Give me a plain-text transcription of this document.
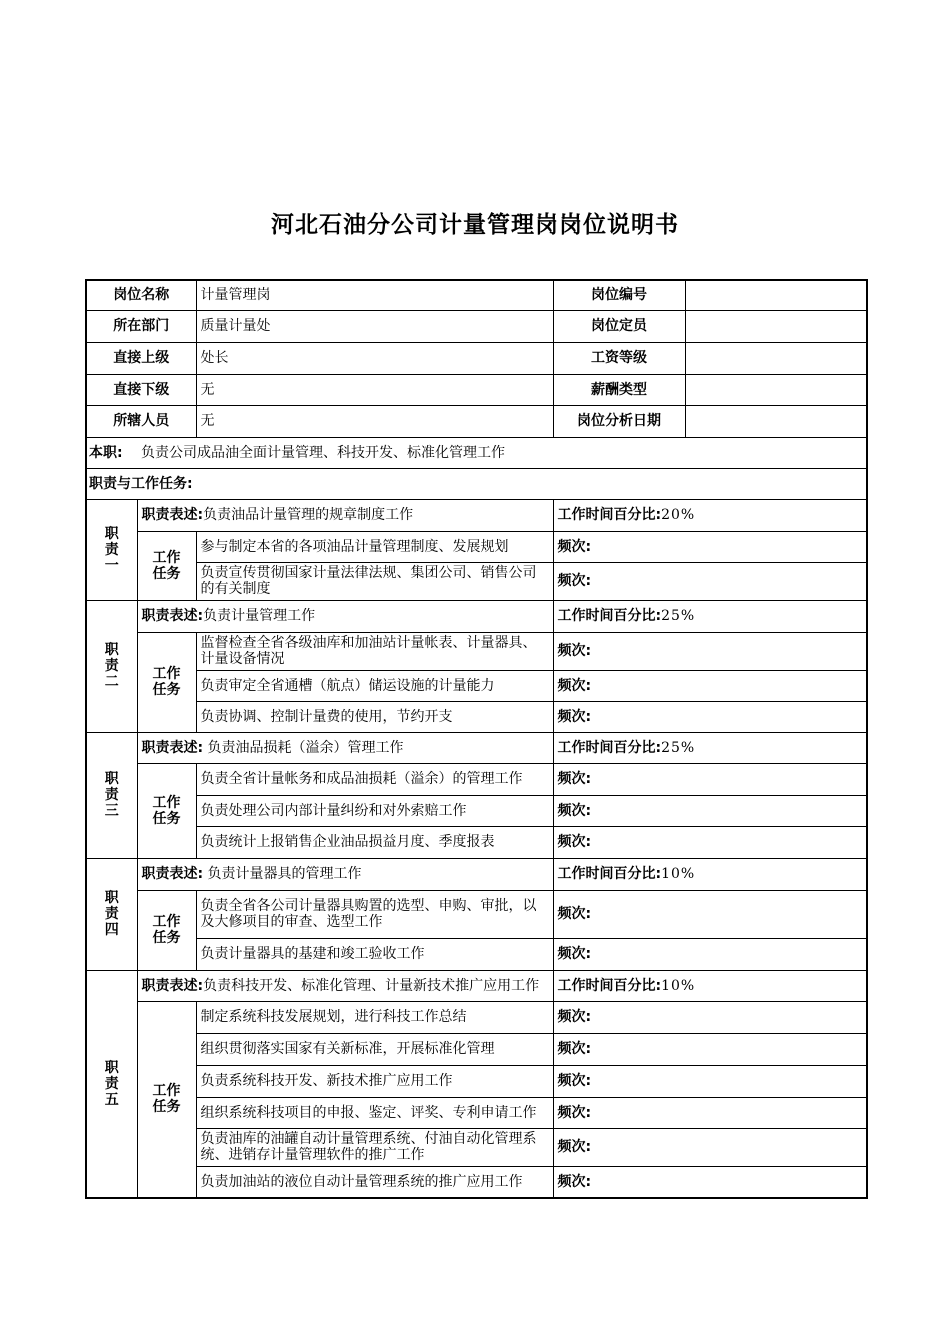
河北石油分公司计量管理岗岗位说明书
岗位名称		计量管理岗	岗位编号	
所在部门		质量计量处	岗位定员	
直接上级		处长	工资等级	
直接下级		无	薪酬类型	
所辖人员		无	岗位分析日期	
本职: 负责公司成品油全面计量管理、科技开发、标准化管理工作				
职责与工作任务:				

职
责
一	职责表述:负责油品计量管理的规章制度工作		工作时间百分比:20%	

	工作
任务	参与制定本省的各项油品计量管理制度、发展规划	频次:	
		负责宣传贯彻国家计量法律法规、集团公司、销售公司的有关制度	频次:	

职
责
二	职责表述:负责计量管理工作		工作时间百分比:25%	

	工作
任务	监督检查全省各级油库和加油站计量帐表、计量器具、计量设备情况	频次:	
		负责审定全省通槽（航点）储运设施的计量能力	频次:	
		负责协调、控制计量费的使用，节约开支	频次:	

职
责
三	职责表述: 负责油品损耗（溢余）管理工作		工作时间百分比:25%	

	工作
任务	负责全省计量帐务和成品油损耗（溢余）的管理工作	频次:	
		负责处理公司内部计量纠纷和对外索赔工作	频次:	
		负责统计上报销售企业油品损益月度、季度报表	频次:	

职
责
四	职责表述: 负责计量器具的管理工作		工作时间百分比:10%	

	工作
任务	负责全省各公司计量器具购置的选型、申购、审批，以及大修项目的审查、选型工作	频次:	
		负责计量器具的基建和竣工验收工作	频次:	

职
责
五	职责表述:负责科技开发、标准化管理、计量新技术推广应用工作		工作时间百分比:10%	

	工作
任务	制定系统科技发展规划，进行科技工作总结	频次:	
		组织贯彻落实国家有关新标准，开展标准化管理	频次:	
		负责系统科技开发、新技术推广应用工作	频次:	
		组织系统科技项目的申报、鉴定、评奖、专利申请工作	频次:	
		负责油库的油罐自动计量管理系统、付油自动化管理系统、进销存计量管理软件的推广工作	频次:	
		负责加油站的液位自动计量管理系统的推广应用工作	频次:	
